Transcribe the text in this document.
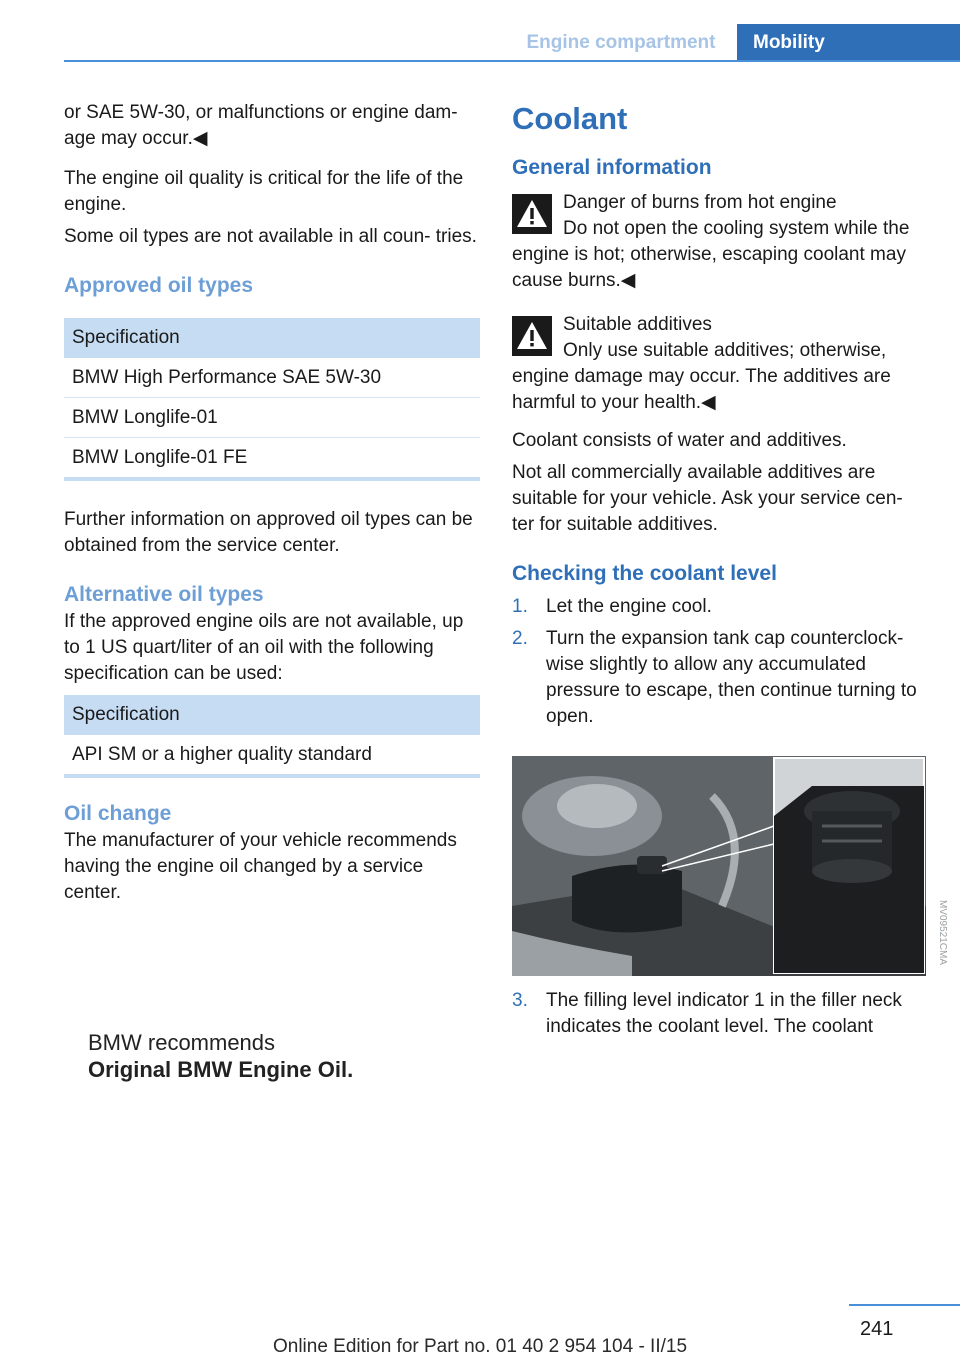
Engine compartment	Mobility

or SAE 5W-30, or malfunctions or engine dam‐ age may occur.◀

The engine oil quality is critical for the life of the engine.

Some oil types are not available in all coun‐ tries.

Approved oil types
Specification
BMW High Performance SAE 5W-30
BMW Longlife-01
BMW Longlife-01 FE

Further information on approved oil types can be obtained from the service center.

Alternative oil types

If the approved engine oils are not available, up to 1 US quart/liter of an oil with the following specification can be used:

Specification
API SM or a higher quality standard
Oil change

The manufacturer of your vehicle recommends having the engine oil changed by a service center.

BMW recommends
Original BMW Engine Oil.
Coolant
General information

Danger of burns from hot engine

Do not open the cooling system while the engine is hot; otherwise, escaping coolant may cause burns.◀

Suitable additives

Only use suitable additives; otherwise, engine damage may occur. The additives are harmful to your health.◀

Coolant consists of water and additives.

Not all commercially available additives are suitable for your vehicle. Ask your service cen‐ ter for suitable additives.

Checking the coolant level
1. Let the engine cool.
2. Turn the expansion tank cap counterclock‐ wise slightly to allow any accumulated pressure to escape, then continue turning to open.
MV09521CMA
3. The filling level indicator 1 in the filler neck indicates the coolant level. The coolant
241
Online Edition for Part no. 01 40 2 954 104 - II/15
